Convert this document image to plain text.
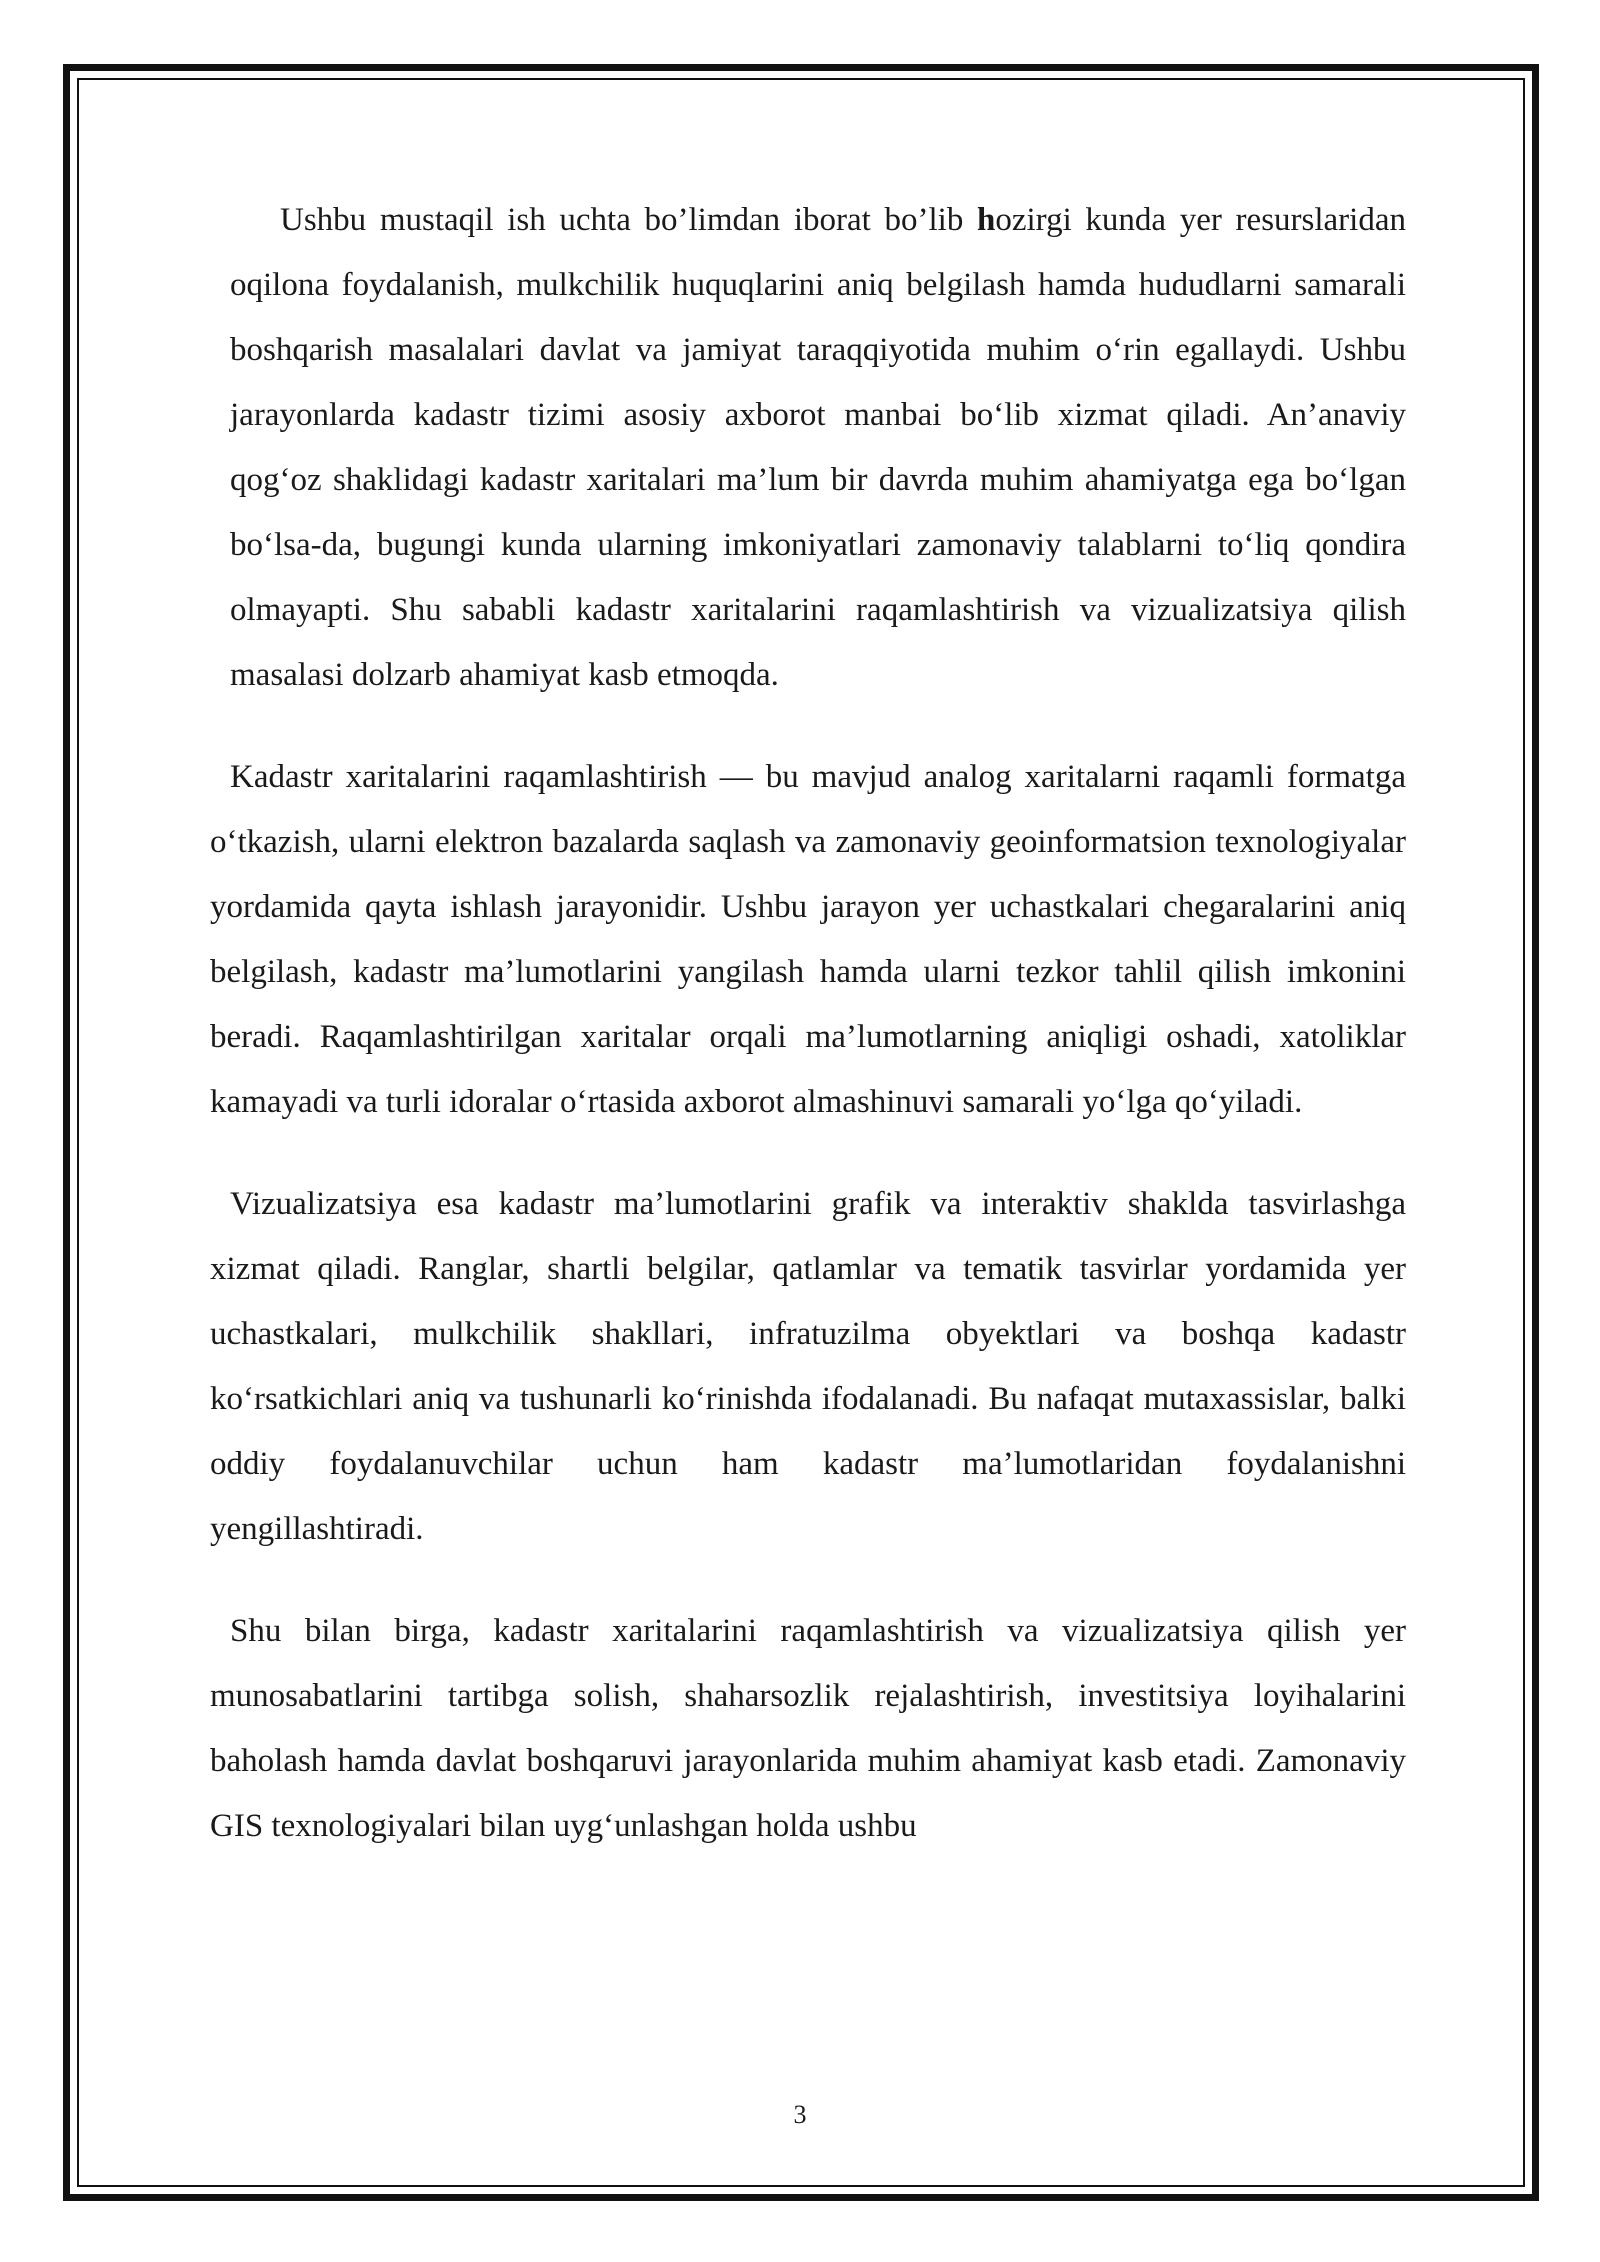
Ushbu mustaqil ish uchta bo’limdan iborat bo’lib hozirgi kunda yer resurslaridan oqilona foydalanish, mulkchilik huquqlarini aniq belgilash hamda hududlarni samarali boshqarish masalalari davlat va jamiyat taraqqiyotida muhim o‘rin egallaydi. Ushbu jarayonlarda kadastr tizimi asosiy axborot manbai bo‘lib xizmat qiladi. An’anaviy qog‘oz shaklidagi kadastr xaritalari ma’lum bir davrda muhim ahamiyatga ega bo‘lgan bo‘lsa-da, bugungi kunda ularning imkoniyatlari zamonaviy talablarni to‘liq qondira olmayapti. Shu sababli kadastr xaritalarini raqamlashtirish va vizualizatsiya qilish masalasi dolzarb ahamiyat kasb etmoqda.

Kadastr xaritalarini raqamlashtirish — bu mavjud analog xaritalarni raqamli formatga o‘tkazish, ularni elektron bazalarda saqlash va zamonaviy geoinformatsion texnologiyalar yordamida qayta ishlash jarayonidir. Ushbu jarayon yer uchastkalari chegaralarini aniq belgilash, kadastr ma’lumotlarini yangilash hamda ularni tezkor tahlil qilish imkonini beradi. Raqamlashtirilgan xaritalar orqali ma’lumotlarning aniqligi oshadi, xatoliklar kamayadi va turli idoralar o‘rtasida axborot almashinuvi samarali yo‘lga qo‘yiladi.

Vizualizatsiya esa kadastr ma’lumotlarini grafik va interaktiv shaklda tasvirlashga xizmat qiladi. Ranglar, shartli belgilar, qatlamlar va tematik tasvirlar yordamida yer uchastkalari, mulkchilik shakllari, infratuzilma obyektlari va boshqa kadastr ko‘rsatkichlari aniq va tushunarli ko‘rinishda ifodalanadi. Bu nafaqat mutaxassislar, balki oddiy foydalanuvchilar uchun ham kadastr ma’lumotlaridan foydalanishni yengillashtiradi.

Shu bilan birga, kadastr xaritalarini raqamlashtirish va vizualizatsiya qilish yer munosabatlarini tartibga solish, shaharsozlik rejalashtirish, investitsiya loyihalarini baholash hamda davlat boshqaruvi jarayonlarida muhim ahamiyat kasb etadi. Zamonaviy GIS texnologiyalari bilan uyg‘unlashgan holda ushbu

3
